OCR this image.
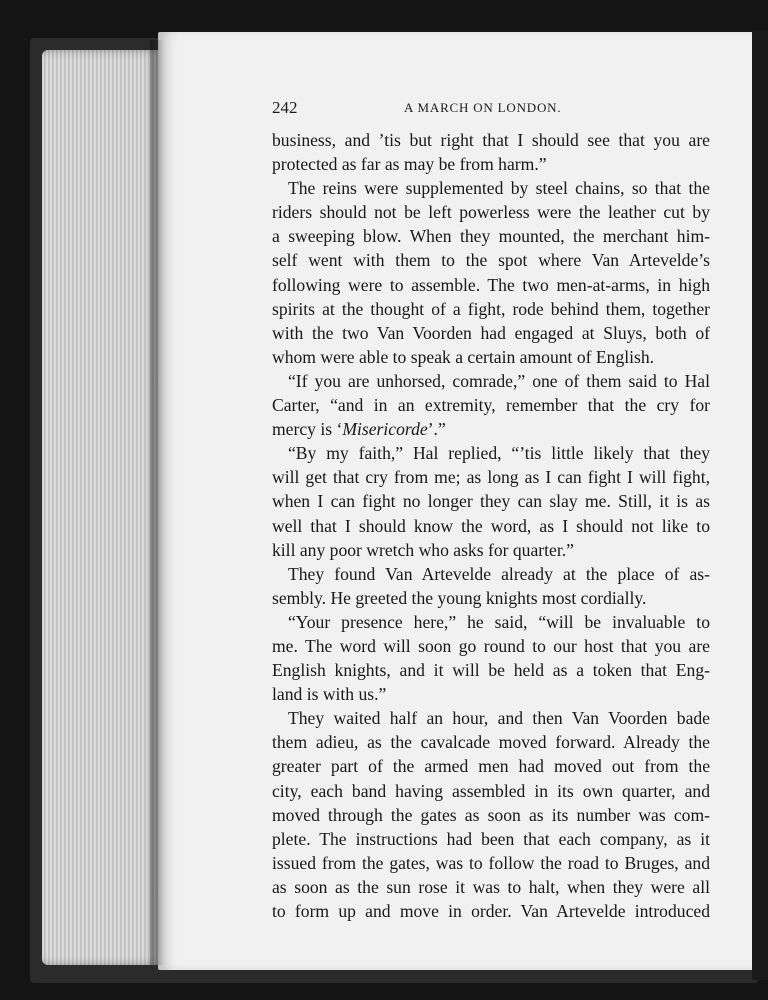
242	A MARCH ON LONDON.
business, and ’tis but right that I should see that you are
protected as far as may be from harm.”
The reins were supplemented by steel chains, so that the
riders should not be left powerless were the leather cut by
a sweeping blow. When they mounted, the merchant him-
self went with them to the spot where Van Artevelde’s
following were to assemble. The two men-at-arms, in high
spirits at the thought of a fight, rode behind them, together
with the two Van Voorden had engaged at Sluys, both of
whom were able to speak a certain amount of English.
“If you are unhorsed, comrade,” one of them said to Hal
Carter, “and in an extremity, remember that the cry for
mercy is ‘Misericorde’.”
“By my faith,” Hal replied, “’tis little likely that they
will get that cry from me; as long as I can fight I will fight,
when I can fight no longer they can slay me. Still, it is as
well that I should know the word, as I should not like to
kill any poor wretch who asks for quarter.”
They found Van Artevelde already at the place of as-
sembly. He greeted the young knights most cordially.
“Your presence here,” he said, “will be invaluable to
me. The word will soon go round to our host that you are
English knights, and it will be held as a token that Eng-
land is with us.”
They waited half an hour, and then Van Voorden bade
them adieu, as the cavalcade moved forward. Already the
greater part of the armed men had moved out from the
city, each band having assembled in its own quarter, and
moved through the gates as soon as its number was com-
plete. The instructions had been that each company, as it
issued from the gates, was to follow the road to Bruges, and
as soon as the sun rose it was to halt, when they were all
to form up and move in order. Van Artevelde introduced
